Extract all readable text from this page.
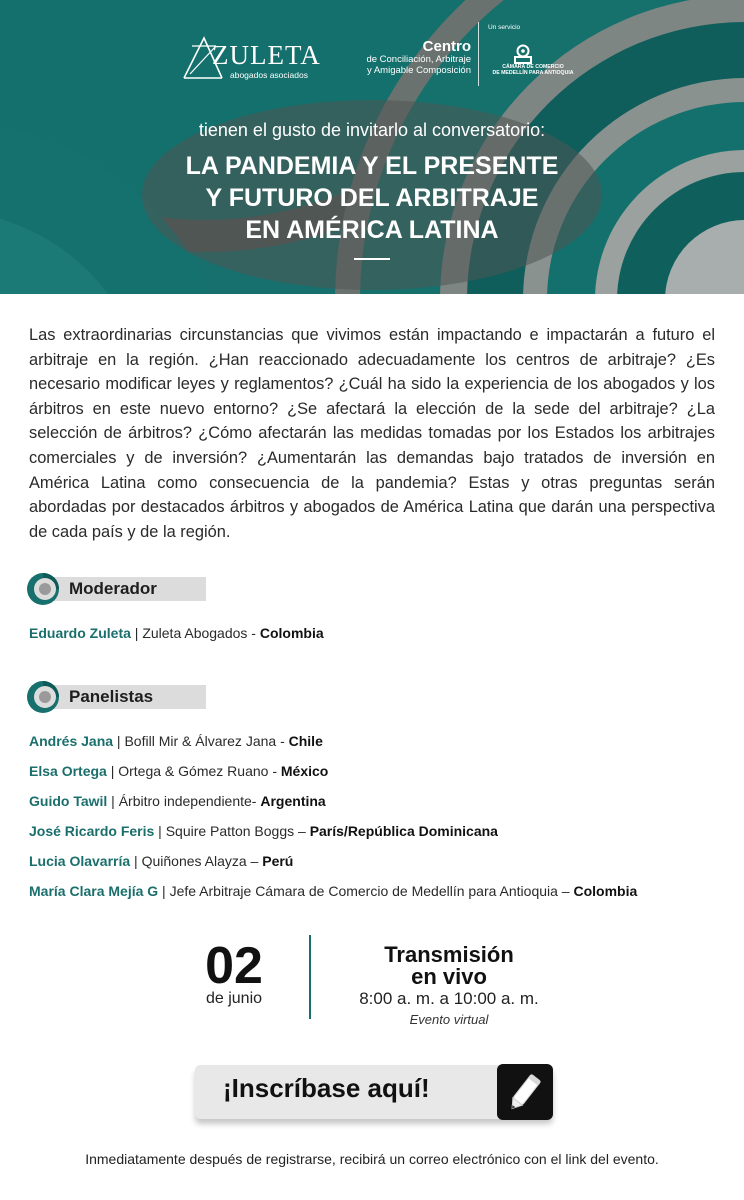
ZULETA
abogados asociados
Centro
de Conciliación, Arbitraje
y Amigable Composición
Un servicio
CÁMARA DE COMERCIO
DE MEDELLÍN PARA ANTIOQUIA
tienen el gusto de invitarlo al conversatorio:
LA PANDEMIA Y EL PRESENTE
Y FUTURO DEL ARBITRAJE
EN AMÉRICA LATINA

Las extraordinarias circunstancias que vivimos están impactando e impactarán a futuro el arbitraje en la región. ¿Han reaccionado adecuadamente los centros de arbitraje? ¿Es necesario modificar leyes y reglamentos? ¿Cuál ha sido la experiencia de los abogados y los árbitros en este nuevo entorno? ¿Se afectará la elección de la sede del arbitraje? ¿La selección de árbitros? ¿Cómo afectarán las medidas tomadas por los Estados los arbitrajes comerciales y de inversión? ¿Aumentarán las demandas bajo tratados de inversión en América Latina como consecuencia de la pandemia? Estas y otras preguntas serán abordadas por destacados árbitros y abogados de América Latina que darán una perspectiva de cada país y de la región.

Moderador
Eduardo Zuleta | Zuleta Abogados - Colombia
Panelistas
Andrés Jana | Bofill Mir & Álvarez Jana - Chile
Elsa Ortega | Ortega & Gómez Ruano - México
Guido Tawil | Árbitro independiente- Argentina
José Ricardo Feris | Squire Patton Boggs – París/República Dominicana
Lucia Olavarría | Quiñones Alayza – Perú
María Clara Mejía G | Jefe Arbitraje Cámara de Comercio de Medellín para Antioquia – Colombia
02
de junio
Transmisión
en vivo
8:00 a. m. a 10:00 a. m.
Evento virtual
¡Inscríbase aquí!
Inmediatamente después de registrarse, recibirá un correo electrónico con el link del evento.
